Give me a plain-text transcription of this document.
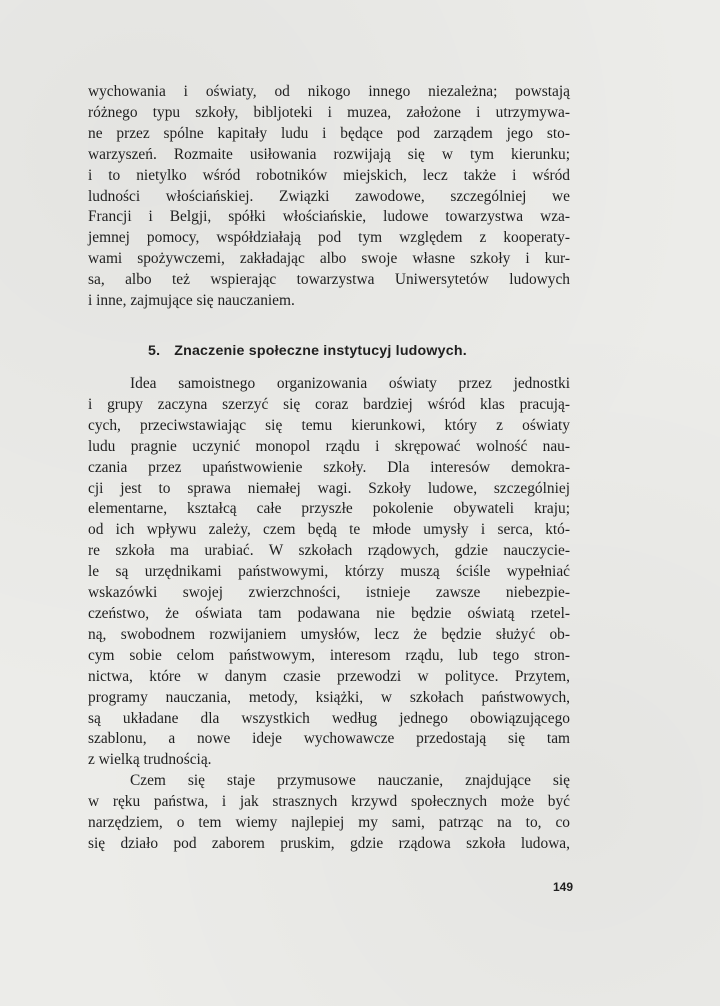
wychowania i oświaty, od nikogo innego niezależna; powstają
różnego typu szkoły, bibljoteki i muzea, założone i utrzymywa-
ne przez spólne kapitały ludu i będące pod zarządem jego sto-
warzyszeń. Rozmaite usiłowania rozwijają się w tym kierunku;
i to nietylko wśród robotników miejskich, lecz także i wśród
ludności włościańskiej. Związki zawodowe, szczególniej we
Francji i Belgji, spółki włościańskie, ludowe towarzystwa wza-
jemnej pomocy, współdziałają pod tym względem z kooperaty-
wami spożywczemi, zakładając albo swoje własne szkoły i kur-
sa, albo też wspierając towarzystwa Uniwersytetów ludowych
i inne, zajmujące się nauczaniem.
5. Znaczenie społeczne instytucyj ludowych.
Idea samoistnego organizowania oświaty przez jednostki
i grupy zaczyna szerzyć się coraz bardziej wśród klas pracują-
cych, przeciwstawiając się temu kierunkowi, który z oświaty
ludu pragnie uczynić monopol rządu i skrępować wolność nau-
czania przez upaństwowienie szkoły. Dla interesów demokra-
cji jest to sprawa niemałej wagi. Szkoły ludowe, szczególniej
elementarne, kształcą całe przyszłe pokolenie obywateli kraju;
od ich wpływu zależy, czem będą te młode umysły i serca, któ-
re szkoła ma urabiać. W szkołach rządowych, gdzie nauczycie-
le są urzędnikami państwowymi, którzy muszą ściśle wypełniać
wskazówki swojej zwierzchności, istnieje zawsze niebezpie-
czeństwo, że oświata tam podawana nie będzie oświatą rzetel-
ną, swobodnem rozwijaniem umysłów, lecz że będzie służyć ob-
cym sobie celom państwowym, interesom rządu, lub tego stron-
nictwa, które w danym czasie przewodzi w polityce. Przytem,
programy nauczania, metody, książki, w szkołach państwowych,
są układane dla wszystkich według jednego obowiązującego
szablonu, a nowe ideje wychowawcze przedostają się tam
z wielką trudnością.
Czem się staje przymusowe nauczanie, znajdujące się
w ręku państwa, i jak strasznych krzywd społecznych może być
narzędziem, o tem wiemy najlepiej my sami, patrząc na to, co
się działo pod zaborem pruskim, gdzie rządowa szkoła ludowa,
149
